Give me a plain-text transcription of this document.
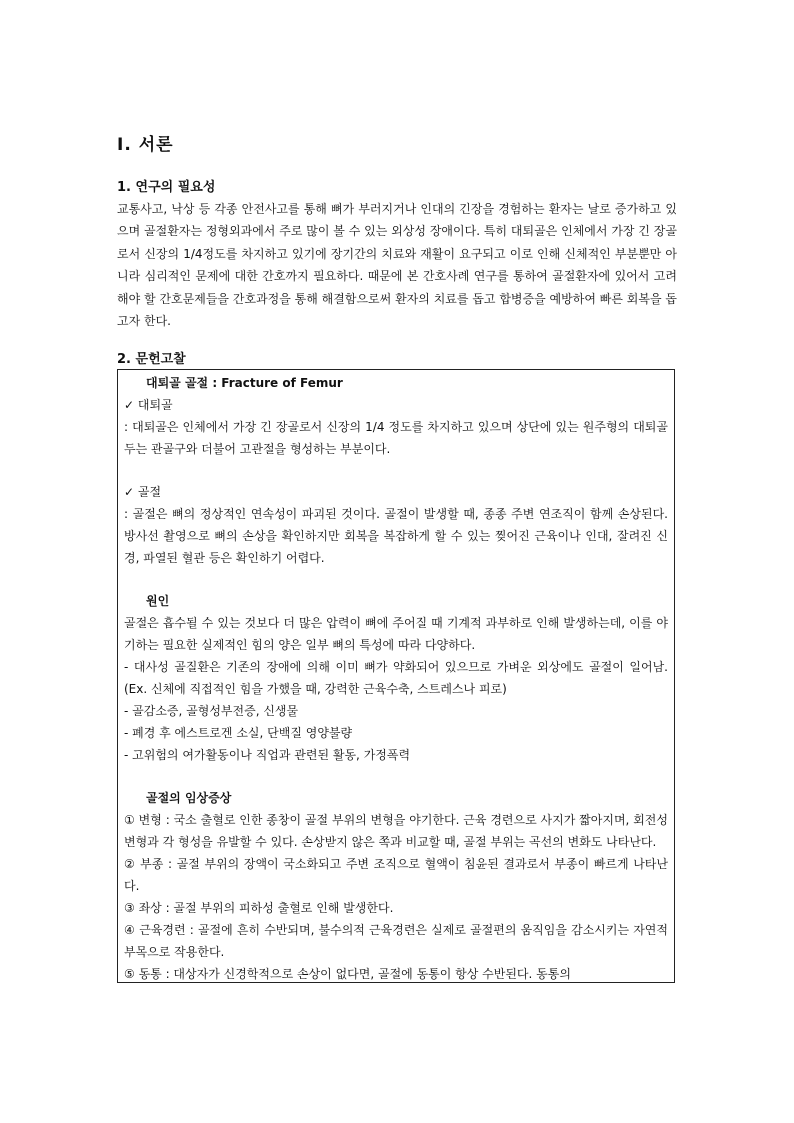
I. 서론
1. 연구의 필요성
교통사고, 낙상 등 각종 안전사고를 통해 뼈가 부러지거나 인대의 긴장을 경험하는 환자는 날로 증가하고 있으며 골절환자는 정형외과에서 주로 많이 볼 수 있는 외상성 장애이다. 특히 대퇴골은 인체에서 가장 긴 장골로서 신장의 1/4정도를 차지하고 있기에 장기간의 치료와 재활이 요구되고 이로 인해 신체적인 부분뿐만 아니라 심리적인 문제에 대한 간호까지 필요하다. 때문에 본 간호사례 연구를 통하여 골절환자에 있어서 고려해야 할 간호문제들을 간호과정을 통해 해결함으로써 환자의 치료를 돕고 합병증을 예방하여 빠른 회복을 돕고자 한다.
2. 문헌고찰
대퇴골 골절 : Fracture of Femur
✓ 대퇴골
: 대퇴골은 인체에서 가장 긴 장골로서 신장의 1/4 정도를 차지하고 있으며 상단에 있는 원주형의 대퇴골두는 관골구와 더불어 고관절을 형성하는 부분이다.
✓ 골절
: 골절은 뼈의 정상적인 연속성이 파괴된 것이다. 골절이 발생할 때, 종종 주변 연조직이 함께 손상된다. 방사선 촬영으로 뼈의 손상을 확인하지만 회복을 복잡하게 할 수 있는 찢어진 근육이나 인대, 잘려진 신경, 파열된 혈관 등은 확인하기 어렵다.
원인
골절은 흡수될 수 있는 것보다 더 많은 압력이 뼈에 주어질 때 기계적 과부하로 인해 발생하는데, 이를 야기하는 필요한 실제적인 힘의 양은 일부 뼈의 특성에 따라 다양하다.
- 대사성 골질환은 기존의 장애에 의해 이미 뼈가 약화되어 있으므로 가벼운 외상에도 골절이 일어남. (Ex. 신체에 직접적인 힘을 가했을 때, 강력한 근육수축, 스트레스나 피로)
- 골감소증, 골형성부전증, 신생물
- 폐경 후 에스트로겐 소실, 단백질 영양불량
- 고위험의 여가활동이나 직업과 관련된 활동, 가정폭력
골절의 임상증상
① 변형 : 국소 출혈로 인한 종창이 골절 부위의 변형을 야기한다. 근육 경련으로 사지가 짧아지며, 회전성 변형과 각 형성을 유발할 수 있다. 손상받지 않은 쪽과 비교할 때, 골절 부위는 곡선의 변화도 나타난다.
② 부종 : 골절 부위의 장액이 국소화되고 주변 조직으로 혈액이 침윤된 결과로서 부종이 빠르게 나타난다.
③ 좌상 : 골절 부위의 피하성 출혈로 인해 발생한다.
④ 근육경련 : 골절에 흔히 수반되며, 불수의적 근육경련은 실제로 골절편의 움직임을 감소시키는 자연적 부목으로 작용한다.
⑤ 동통 : 대상자가 신경학적으로 손상이 없다면, 골절에 동통이 항상 수반된다. 동통의
